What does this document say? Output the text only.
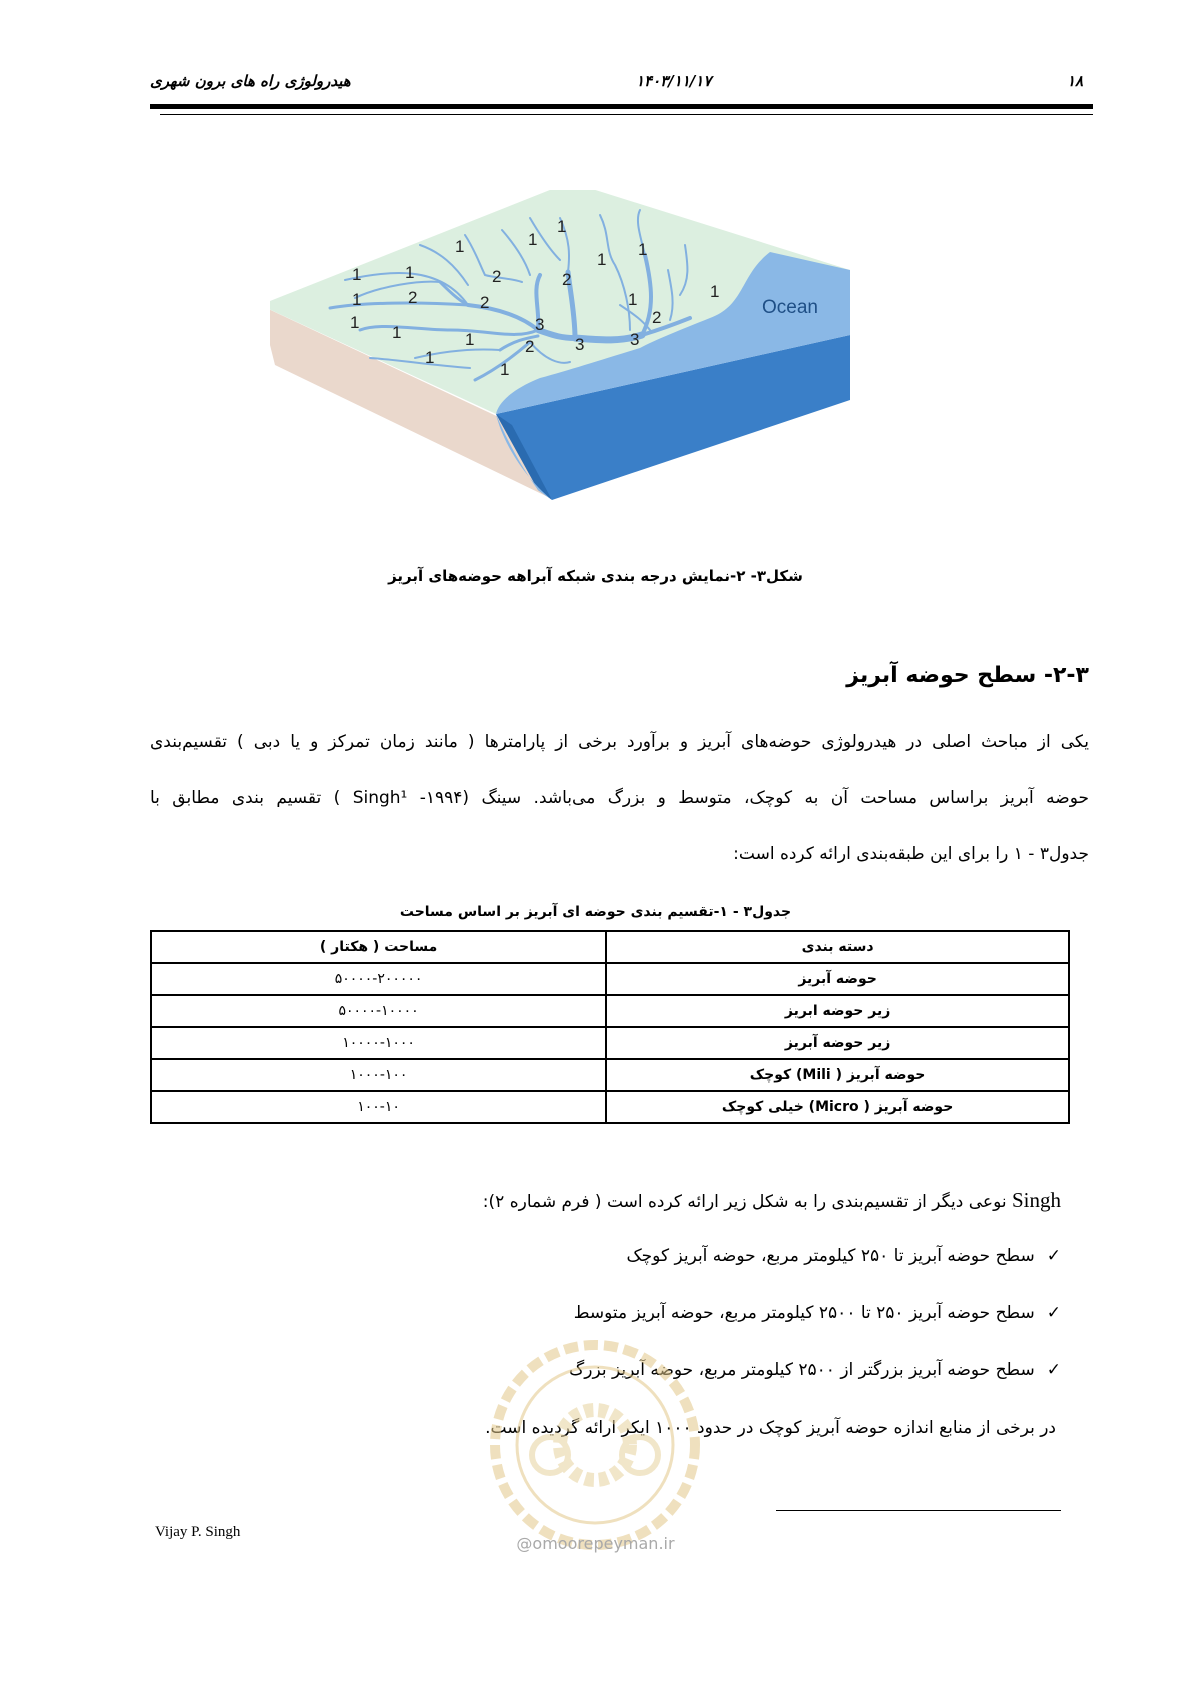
۱۸
۱۴۰۳/۱۱/۱۷
هیدرولوژی راه های برون شهری
1
1
1
1
1
1
1	1
1
1
1
1
1
1
1
2
2
2
2
2
2
3
3	3
Ocean
شکل۳- ۲-نمایش درجه بندی شبکه آبراهه حوضه‌های آبریز
۲-۳- سطح حوضه آبریز
یکی از مباحث اصلی در هیدرولوژی حوضه‌های آبریز و برآورد برخی از پارامترها ( مانند زمان تمرکز و یا دبی ) تقسیم‌بندی
حوضه آبریز براساس مساحت آن به کوچک، متوسط و بزرگ می‌باشد. سینگ (۱۹۹۴- Singh¹ ) تقسیم بندی مطابق با
جدول۳ - ۱ را برای این طبقه‌بندی ارائه کرده است:
جدول۳ - ۱-تقسیم بندی حوضه ای آبریز بر اساس مساحت
مساحت ( هکتار )	دسته بندی
۵۰۰۰۰-۲۰۰۰۰۰	حوضه آبریز
۵۰۰۰۰-۱۰۰۰۰	زیر حوضه ابریز
۱۰۰۰۰-۱۰۰۰	زیر حوضه آبریز
۱۰۰۰-۱۰۰	حوضه آبریز ( Mili) کوچک
۱۰۰-۱۰	حوضه آبریز ( Micro) خیلی کوچک
Singh نوعی دیگر از تقسیم‌بندی را به شکل زیر ارائه کرده است ( فرم شماره ۲):
✓سطح حوضه آبریز تا ۲۵۰ کیلومتر مربع، حوضه آبریز کوچک
✓سطح حوضه آبریز ۲۵۰ تا ۲۵۰۰ کیلومتر مربع، حوضه آبریز متوسط
✓سطح حوضه آبریز بزرگتر از ۲۵۰۰ کیلومتر مربع، حوضه آبریز بزرگ
در برخی از منابع اندازه حوضه آبریز کوچک در حدود ۱۰۰۰ ایکر ارائه گردیده است.
@omoorepeyman.ir
Vijay P. Singh
